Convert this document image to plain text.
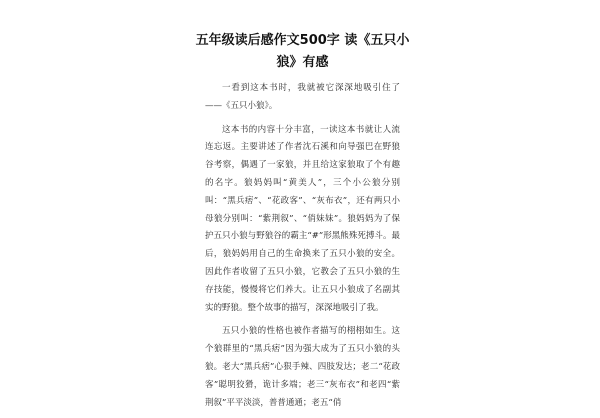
五年级读后感作文500字 读《五只小狼》有感

一看到这本书时，我就被它深深地吸引住了——《五只小狼》。

这本书的内容十分丰富，一读这本书就让人流连忘返。主要讲述了作者沈石溪和向导强巴在野狼谷考察，偶遇了一家狼，并且给这家狼取了个有趣的名字。狼妈妈叫“黄美人”，三个小公狼分别叫：“黑兵痞”、“花政客”、“灰布衣”，还有两只小母狼分别叫：“紫荆叙”、“俏妹妹”。狼妈妈为了保护五只小狼与野狼谷的霸主“#”形黑熊殊死搏斗。最后，狼妈妈用自己的生命换来了五只小狼的安全。因此作者收留了五只小狼，它教会了五只小狼的生存技能，慢慢将它们养大。让五只小狼成了名副其实的野狼。整个故事的描写，深深地吸引了我。

五只小狼的性格也被作者描写的栩栩如生。这个狼群里的“黑兵痞”因为强大成为了五只小狼的头狼。老大“黑兵痞”心狠手辣、四肢发达；老二“花政客”聪明狡猾，诡计多端；老三“灰布衣”和老四“紫荆叙”平平淡淡，普普通通；老五“俏
